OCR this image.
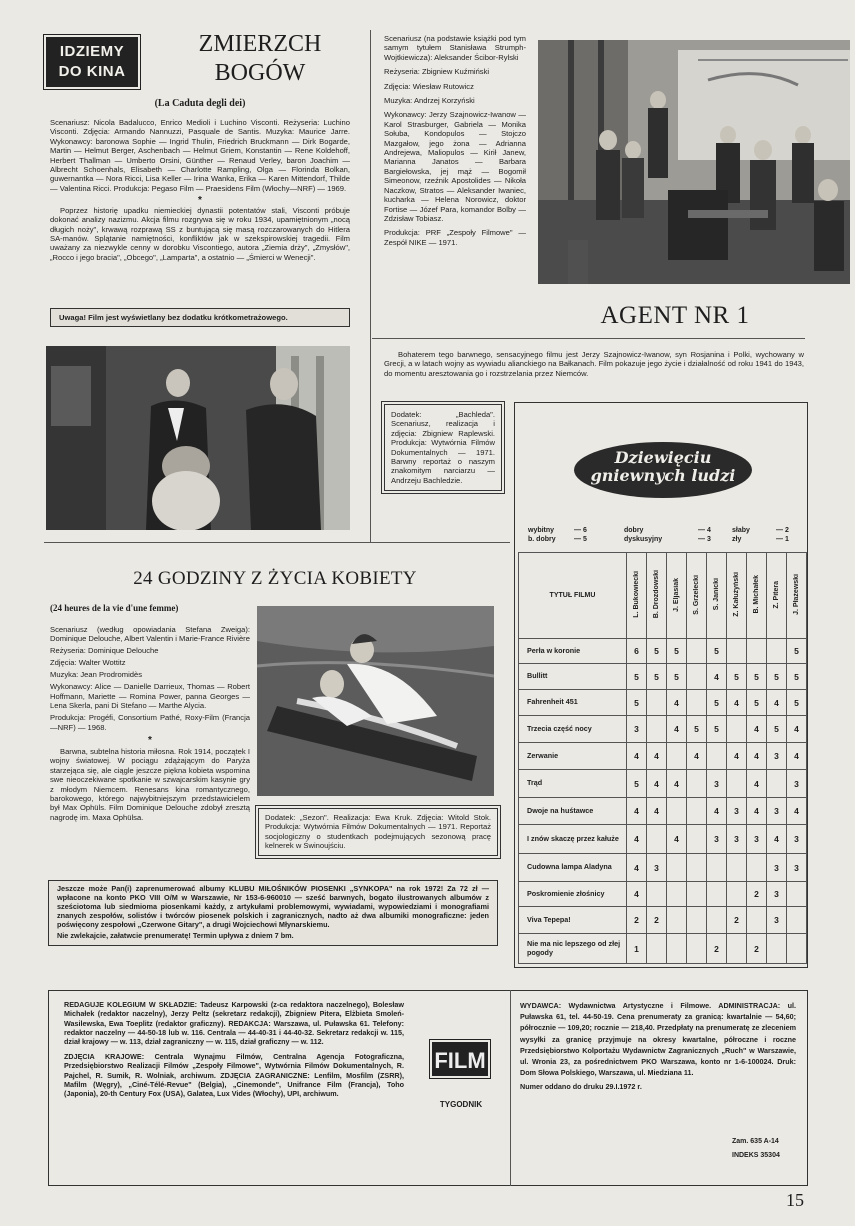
IDZIEMY
DO KINA
ZMIERZCH
BOGÓW
(La Caduta degli dei)

Scenariusz: Nicola Badalucco, Enrico Medioli i Luchino Visconti. Reżyseria: Luchino Visconti. Zdjęcia: Armando Nannuzzi, Pasquale de Santis. Muzyka: Maurice Jarre. Wykonawcy: baronowa Sophie — Ingrid Thulin, Friedrich Bruckmann — Dirk Bogarde, Martin — Helmut Berger, Aschenbach — Helmut Griem, Konstantin — Rene Koldehoff, Herbert Thallman — Umberto Orsini, Günther — Renaud Verley, baron Joachim — Albrecht Schoenhals, Elisabeth — Charlotte Rampling, Olga — Florinda Bolkan, guwernantka — Nora Ricci, Lisa Keller — Irina Wanka, Erika — Karen Mittendorf, Thilde — Valentina Ricci. Produkcja: Pegaso Film — Praesidens Film (Włochy—NRF) — 1969.

*

Poprzez historię upadku niemieckiej dynastii potentatów stali, Visconti próbuje dokonać analizy nazizmu. Akcja filmu rozgrywa się w roku 1934, upamiętnionym „nocą długich noży", krwawą rozprawą SS z buntującą się masą rozczarowanych do Hitlera SA-manów. Splątanie namiętności, konfliktów jak w szekspirowskiej tragedii. Film uważany za niezwykle cenny w dorobku Viscontiego, autora „Ziemia drży", „Zmysłów", „Rocco i jego bracia", „Obcego", „Lamparta", a ostatnio — „Śmierci w Wenecji".

Uwaga! Film jest wyświetlany bez dodatku krótkometrażowego.
24 GODZINY Z ŻYCIA KOBIETY
(24 heures de la vie d'une femme)

Scenariusz (według opowiadania Stefana Zweiga): Dominique Delouche, Albert Valentin i Marie-France Rivière

Reżyseria: Dominique Delouche

Zdjęcia: Walter Wottitz

Muzyka: Jean Prodromidès

Wykonawcy: Alice — Danielle Darrieux, Thomas — Robert Hoffmann, Mariette — Romina Power, panna Georges — Lena Skerla, pani Di Stefano — Marthe Alycia.

Produkcja: Progéfi, Consortium Pathé, Roxy-Film (Francja—NRF) — 1968.

*

Barwna, subtelna historia miłosna. Rok 1914, początek I wojny światowej. W pociągu zdążającym do Paryża starzejąca się, ale ciągle jeszcze piękna kobieta wspomina swe nieoczekiwane spotkanie w szwajcarskim kasynie gry z młodym Niemcem. Renesans kina romantycznego, barokowego, którego najwybitniejszym przedstawicielem był Max Ophüls. Film Dominique Delouche zdobył zresztą nagrodę im. Maxa Ophülsa.	Dodatek: „Sezon". Realizacja: Ewa Kruk. Zdjęcia: Witold Stok. Produkcja: Wytwórnia Filmów Dokumentalnych — 1971. Reportaż socjologiczny o studentkach podejmujących sezonową pracę kelnerek w Świnoujściu.

Jeszcze może Pan(i) zaprenumerować albumy KLUBU MIŁOŚNIKÓW PIOSENKI „SYNKOPA" na rok 1972! Za 72 zł — wpłacone na konto PKO VIII O/M w Warszawie, Nr 153-6-960010 — sześć barwnych, bogato ilustrowanych albumów z sześciotoma lub siedmioma piosenkami każdy, z artykułami problemowymi, wywiadami, wypowiedziami i monografiami znanych zespołów, solistów i twórców piosenek polskich i zagranicznych, nadto aż dwa albumiki monograficzne: jeden poświęcony zespołowi „Czerwone Gitary", a drugi Wojciechowi Młynarskiemu.

Nie zwlekajcie, załatwcie prenumeratę! Termin upływa z dniem 7 bm.

Scenariusz (na podstawie książki pod tym samym tytułem Stanisława Strumph-Wojtkiewicza): Aleksander Ścibor-Rylski

Reżyseria: Zbigniew Kuźmiński

Zdjęcia: Wiesław Rutowicz

Muzyka: Andrzej Korzyński

Wykonawcy: Jerzy Szajnowicz-Iwanow — Karol Strasburger, Gabriela — Monika Sołuba, Kondopulos — Stojczo Mazgałow, jego żona — Adrianna Andrejewa, Maliopulos — Kirił Janew, Marianna Janatos — Barbara Bargiełowska, jej mąż — Bogomił Simeonow, rzeźnik Apostolides — Nikoła Naczkow, Stratos — Aleksander Iwaniec, kucharka — Helena Norowicz, doktor Fortise — Józef Para, komandor Bolby — Zdzisław Tobiasz.

Produkcja: PRF „Zespoły Filmowe" — Zespół NIKE — 1971.

AGENT NR 1
Bohaterem tego barwnego, sensacyjnego filmu jest Jerzy Szajnowicz-Iwanow, syn Rosjanina i Polki, wychowany w Grecji, a w latach wojny as wywiadu alianckiego na Bałkanach. Film pokazuje jego życie i działalność od roku 1941 do 1943, do momentu aresztowania go i rozstrzelania przez Niemców.
Dodatek: „Bachleda". Scenariusz, realizacja i zdjęcia: Zbigniew Raplewski. Produkcja: Wytwórnia Filmów Dokumentalnych — 1971. Barwny reportaż o naszym znakomitym narciarzu — Andrzeju Bachledzie.
Dziewięciu
gniewnych ludzi
wybitny	— 6
b. dobry	— 5
dobry	— 4
dyskusyjny	— 3
słaby	— 2
zły	— 1
TYTUŁ FILMU	L. Bukowiecki	B. Drozdowski	J. Eljasiak	S. Grzelecki	S. Janicki	Z. Kałużyński	B. Michałek	Z. Pitera	J. Płażewski
Perła w koronie	6	5	5		5				5
Bullitt	5	5	5		4	5	5	5	5
Fahrenheit 451	5		4		5	4	5	4	5
Trzecia część nocy	3		4	5	5		4	5	4
Zerwanie	4	4		4		4	4	3	4
Trąd	5	4	4		3		4		3
Dwoje na huśtawce	4	4			4	3	4	3	4
I znów skaczę przez kałuże	4		4		3	3	3	4	3
Cudowna lampa Aladyna	4	3						3	3
Poskromienie złośnicy	4						2	3	
Viva Tepepa!	2	2				2		3	
Nie ma nic lepszego od złej pogody	1				2		2		

REDAGUJE KOLEGIUM W SKŁADZIE: Tadeusz Karpowski (z-ca redaktora naczelnego), Bolesław Michałek (redaktor naczelny), Jerzy Peltz (sekretarz redakcji), Zbigniew Pitera, Elżbieta Smoleń-Wasilewska, Ewa Toeplitz (redaktor graficzny). REDAKCJA: Warszawa, ul. Puławska 61. Telefony: redaktor naczelny — 44-50-18 lub w. 116. Centrala — 44-40-31 i 44-40-32. Sekretarz redakcji w. 115, dział krajowy — w. 113, dział zagraniczny — w. 115, dział graficzny — w. 112.

ZDJĘCIA KRAJOWE: Centrala Wynajmu Filmów, Centralna Agencja Fotograficzna, Przedsiębiorstwo Realizacji Filmów „Zespoły Filmowe", Wytwórnia Filmów Dokumentalnych, R. Pajchel, R. Sumik, R. Wolniak, archiwum. ZDJĘCIA ZAGRANICZNE: Lenfilm, Mosfilm (ZSRR), Mafilm (Węgry), „Ciné-Télé-Revue" (Belgia), „Cinemonde", Unifrance Film (Francja), Toho (Japonia), 20-th Century Fox (USA), Galatea, Lux Vides (Włochy), UPI, archiwum.

FILM
TYGODNIK

WYDAWCA: Wydawnictwa Artystyczne i Filmowe. ADMINISTRACJA: ul. Puławska 61, tel. 44-50-19. Cena prenumeraty za granicą: kwartalnie — 54,60; półrocznie — 109,20; rocznie — 218,40. Przedpłaty na prenumeratę ze zleceniem wysyłki za granicę przyjmuje na okresy kwartalne, półroczne i roczne Przedsiębiorstwo Kolportażu Wydawnictw Zagranicznych „Ruch" w Warszawie, ul. Wronia 23, za pośrednictwem PKO Warszawa, konto nr 1-6-100024. Druk: Dom Słowa Polskiego, Warszawa, ul. Miedziana 11.

Numer oddano do druku 29.I.1972 r.

Zam. 635 A-14
INDEKS 35304
15
